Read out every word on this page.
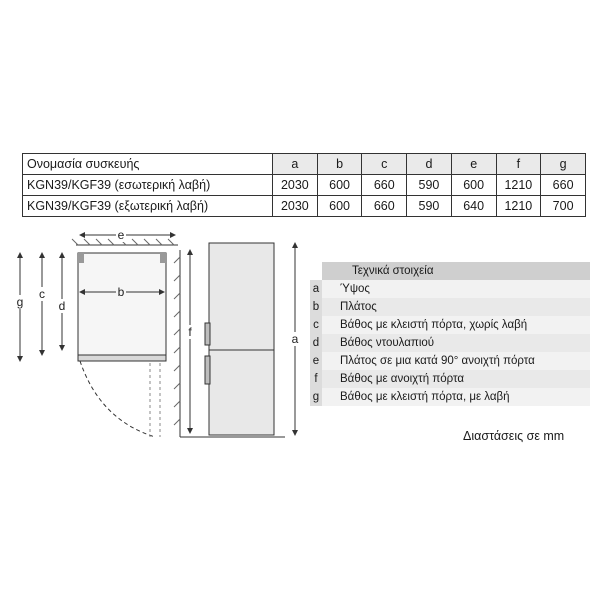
Ονομασία συσκευής	a	b	c	d	e	f	g
KGN39/KGF39 (εσωτερική λαβή)	2030	600	660	590	600	1210	660
KGN39/KGF39 (εξωτερική λαβή)	2030	600	660	590	640	1210	700
e
b
g
c
d
f	a
Τεχνικά στοιχεία
a	Ύψος
b	Πλάτος
c	Βάθος με κλειστή πόρτα, χωρίς λαβή
d	Βάθος ντουλαπιού
e	Πλάτος σε μια κατά 90° ανοιχτή πόρτα
f	Βάθος με ανοιχτή πόρτα
g	Βάθος με κλειστή πόρτα, με λαβή
Διαστάσεις σε mm
